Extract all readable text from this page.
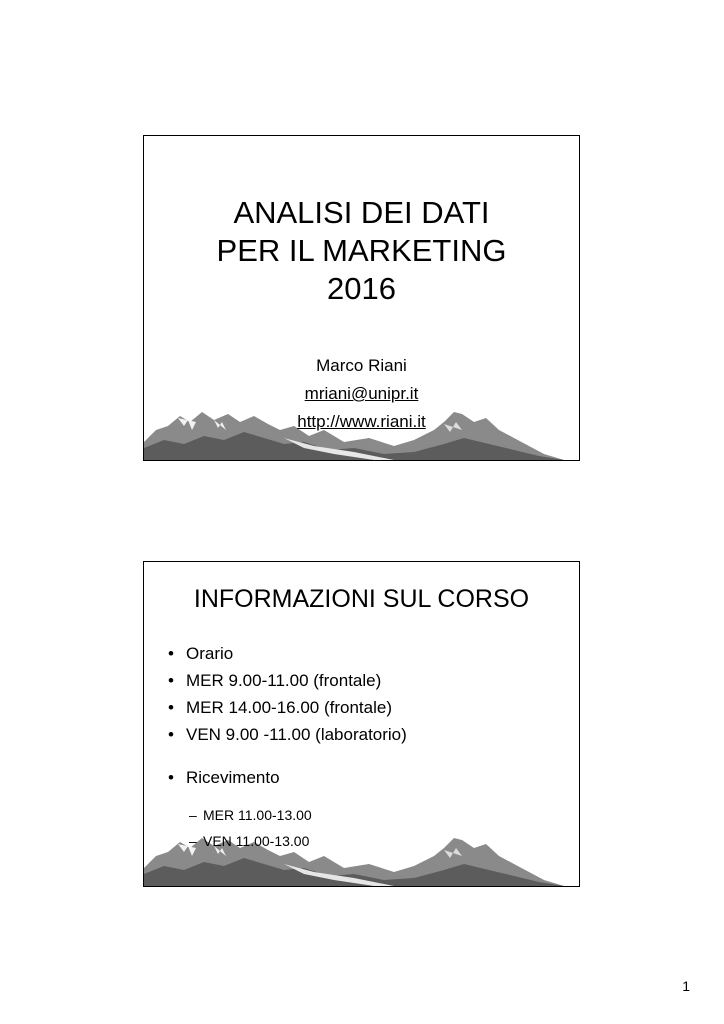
ANALISI DEI DATI
PER IL MARKETING
2016
Marco Riani
mriani@unipr.it
http://www.riani.it
INFORMAZIONI SUL CORSO
• Orario
• MER 9.00-11.00 (frontale)
• MER 14.00-16.00 (frontale)
• VEN 9.00 -11.00 (laboratorio)
• Ricevimento
– MER 11.00-13.00
– VEN 11.00-13.00
1
